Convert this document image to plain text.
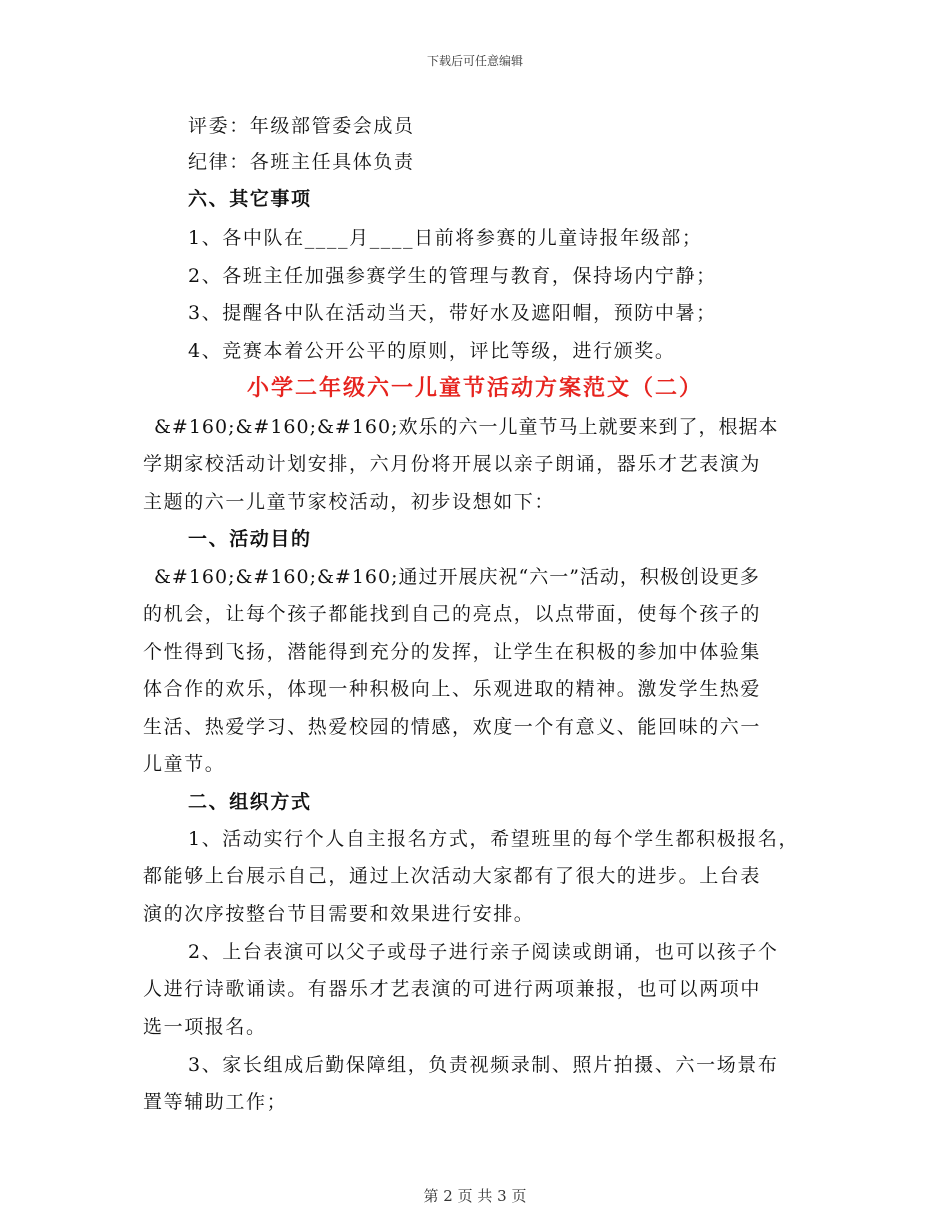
下载后可任意编辑
评委：年级部管委会成员
纪律：各班主任具体负责
六、其它事项
1、各中队在____月____日前将参赛的儿童诗报年级部；
2、各班主任加强参赛学生的管理与教育，保持场内宁静；
3、提醒各中队在活动当天，带好水及遮阳帽，预防中暑；
4、竞赛本着公开公平的原则，评比等级，进行颁奖。
小学二年级六一儿童节活动方案范文（二）
&#160;&#160;&#160;欢乐的六一儿童节马上就要来到了，根据本
学期家校活动计划安排，六月份将开展以亲子朗诵，器乐才艺表演为
主题的六一儿童节家校活动，初步设想如下：
一、活动目的
&#160;&#160;&#160;通过开展庆祝“六一”活动，积极创设更多
的机会，让每个孩子都能找到自己的亮点，以点带面，使每个孩子的
个性得到飞扬，潜能得到充分的发挥，让学生在积极的参加中体验集
体合作的欢乐，体现一种积极向上、乐观进取的精神。激发学生热爱
生活、热爱学习、热爱校园的情感，欢度一个有意义、能回味的六一
儿童节。
二、组织方式
1、活动实行个人自主报名方式，希望班里的每个学生都积极报名，
都能够上台展示自己，通过上次活动大家都有了很大的进步。上台表
演的次序按整台节目需要和效果进行安排。
2、上台表演可以父子或母子进行亲子阅读或朗诵，也可以孩子个
人进行诗歌诵读。有器乐才艺表演的可进行两项兼报，也可以两项中
选一项报名。
3、家长组成后勤保障组，负责视频录制、照片拍摄、六一场景布
置等辅助工作；
第 2 页 共 3 页
